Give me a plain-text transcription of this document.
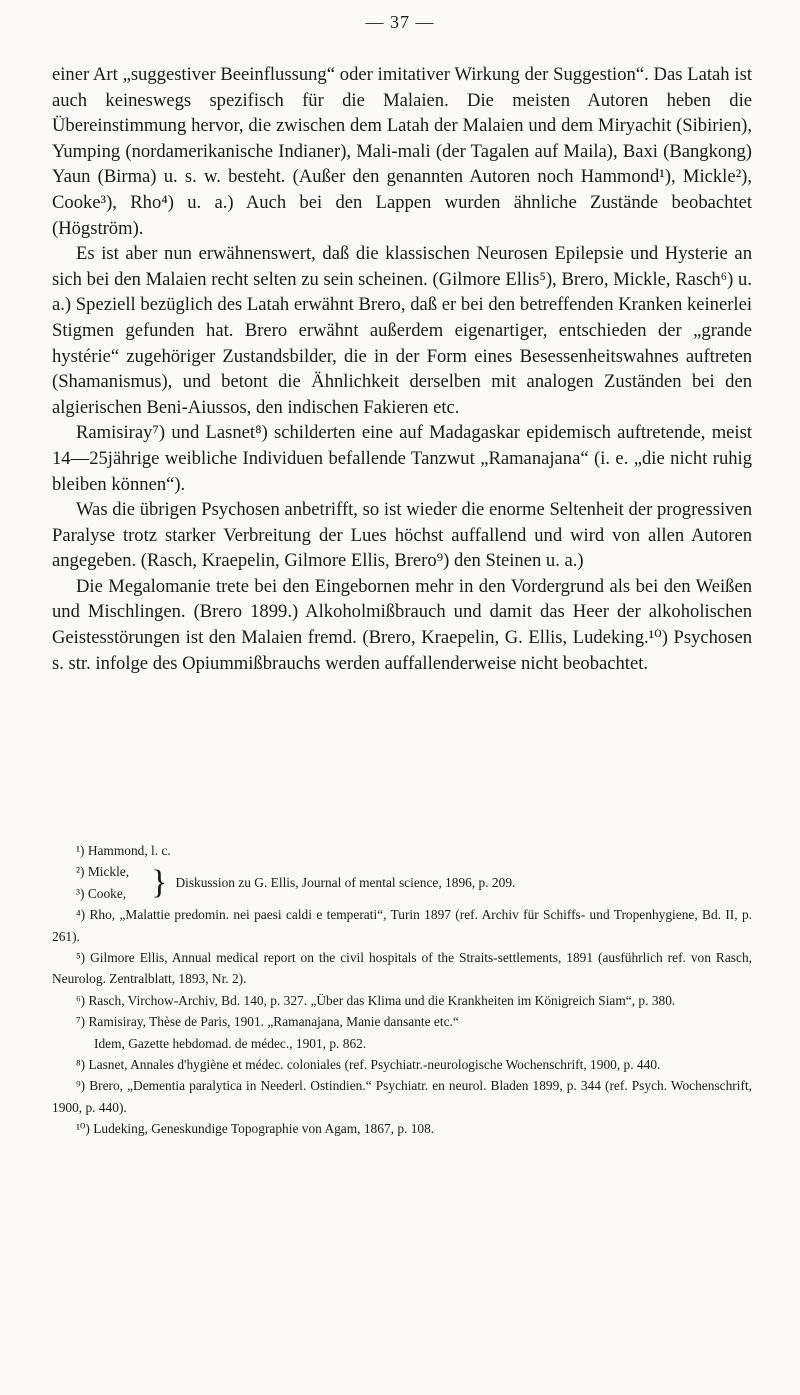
— 37 —

einer Art „suggestiver Beeinflussung“ oder imitativer Wirkung der Suggestion“. Das Latah ist auch keineswegs spezifisch für die Malaien. Die meisten Autoren heben die Übereinstimmung hervor, die zwischen dem Latah der Malaien und dem Miryachit (Sibirien), Yumping (nordamerikanische Indianer), Mali-mali (der Tagalen auf Maila), Baxi (Bangkong) Yaun (Birma) u. s. w. besteht. (Außer den genannten Autoren noch Hammond¹), Mickle²), Cooke³), Rho⁴) u. a.) Auch bei den Lappen wurden ähnliche Zustände beobachtet (Högström).

Es ist aber nun erwähnenswert, daß die klassischen Neurosen Epilepsie und Hysterie an sich bei den Malaien recht selten zu sein scheinen. (Gilmore Ellis⁵), Brero, Mickle, Rasch⁶) u. a.) Speziell bezüglich des Latah erwähnt Brero, daß er bei den betreffenden Kranken keinerlei Stigmen gefunden hat. Brero erwähnt außerdem eigenartiger, entschieden der „grande hystérie“ zugehöriger Zustandsbilder, die in der Form eines Besessenheitswahnes auftreten (Shamanismus), und betont die Ähnlichkeit derselben mit analogen Zuständen bei den algierischen Beni-Aiussos, den indischen Fakieren etc.

Ramisiray⁷) und Lasnet⁸) schilderten eine auf Madagaskar epidemisch auftretende, meist 14—25jährige weibliche Individuen befallende Tanzwut „Ramanajana“ (i. e. „die nicht ruhig bleiben können“).

Was die übrigen Psychosen anbetrifft, so ist wieder die enorme Seltenheit der progressiven Paralyse trotz starker Verbreitung der Lues höchst auffallend und wird von allen Autoren angegeben. (Rasch, Kraepelin, Gilmore Ellis, Brero⁹) den Steinen u. a.)

Die Megalomanie trete bei den Eingebornen mehr in den Vordergrund als bei den Weißen und Mischlingen. (Brero 1899.) Alkoholmißbrauch und damit das Heer der alkoholischen Geistesstörungen ist den Malaien fremd. (Brero, Kraepelin, G. Ellis, Ludeking.¹⁰) Psychosen s. str. infolge des Opiummißbrauchs werden auffallenderweise nicht beobachtet.

¹) Hammond, l. c.

²) Mickle,
³) Cooke, } Diskussion zu G. Ellis, Journal of mental science, 1896, p. 209.

⁴) Rho, „Malattie predomin. nei paesi caldi e temperati“, Turin 1897 (ref. Archiv für Schiffs- und Tropenhygiene, Bd. II, p. 261).

⁵) Gilmore Ellis, Annual medical report on the civil hospitals of the Straits-settlements, 1891 (ausführlich ref. von Rasch, Neurolog. Zentralblatt, 1893, Nr. 2).

⁶) Rasch, Virchow-Archiv, Bd. 140, p. 327. „Über das Klima und die Krankheiten im Königreich Siam“, p. 380.

⁷) Ramisiray, Thèse de Paris, 1901. „Ramanajana, Manie dansante etc.“

Idem, Gazette hebdomad. de médec., 1901, p. 862.

⁸) Lasnet, Annales d'hygiène et médec. coloniales (ref. Psychiatr.-neurologische Wochenschrift, 1900, p. 440.

⁹) Brero, „Dementia paralytica in Neederl. Ostindien.“ Psychiatr. en neurol. Bladen 1899, p. 344 (ref. Psych. Wochenschrift, 1900, p. 440).

¹⁰) Ludeking, Geneskundige Topographie von Agam, 1867, p. 108.
